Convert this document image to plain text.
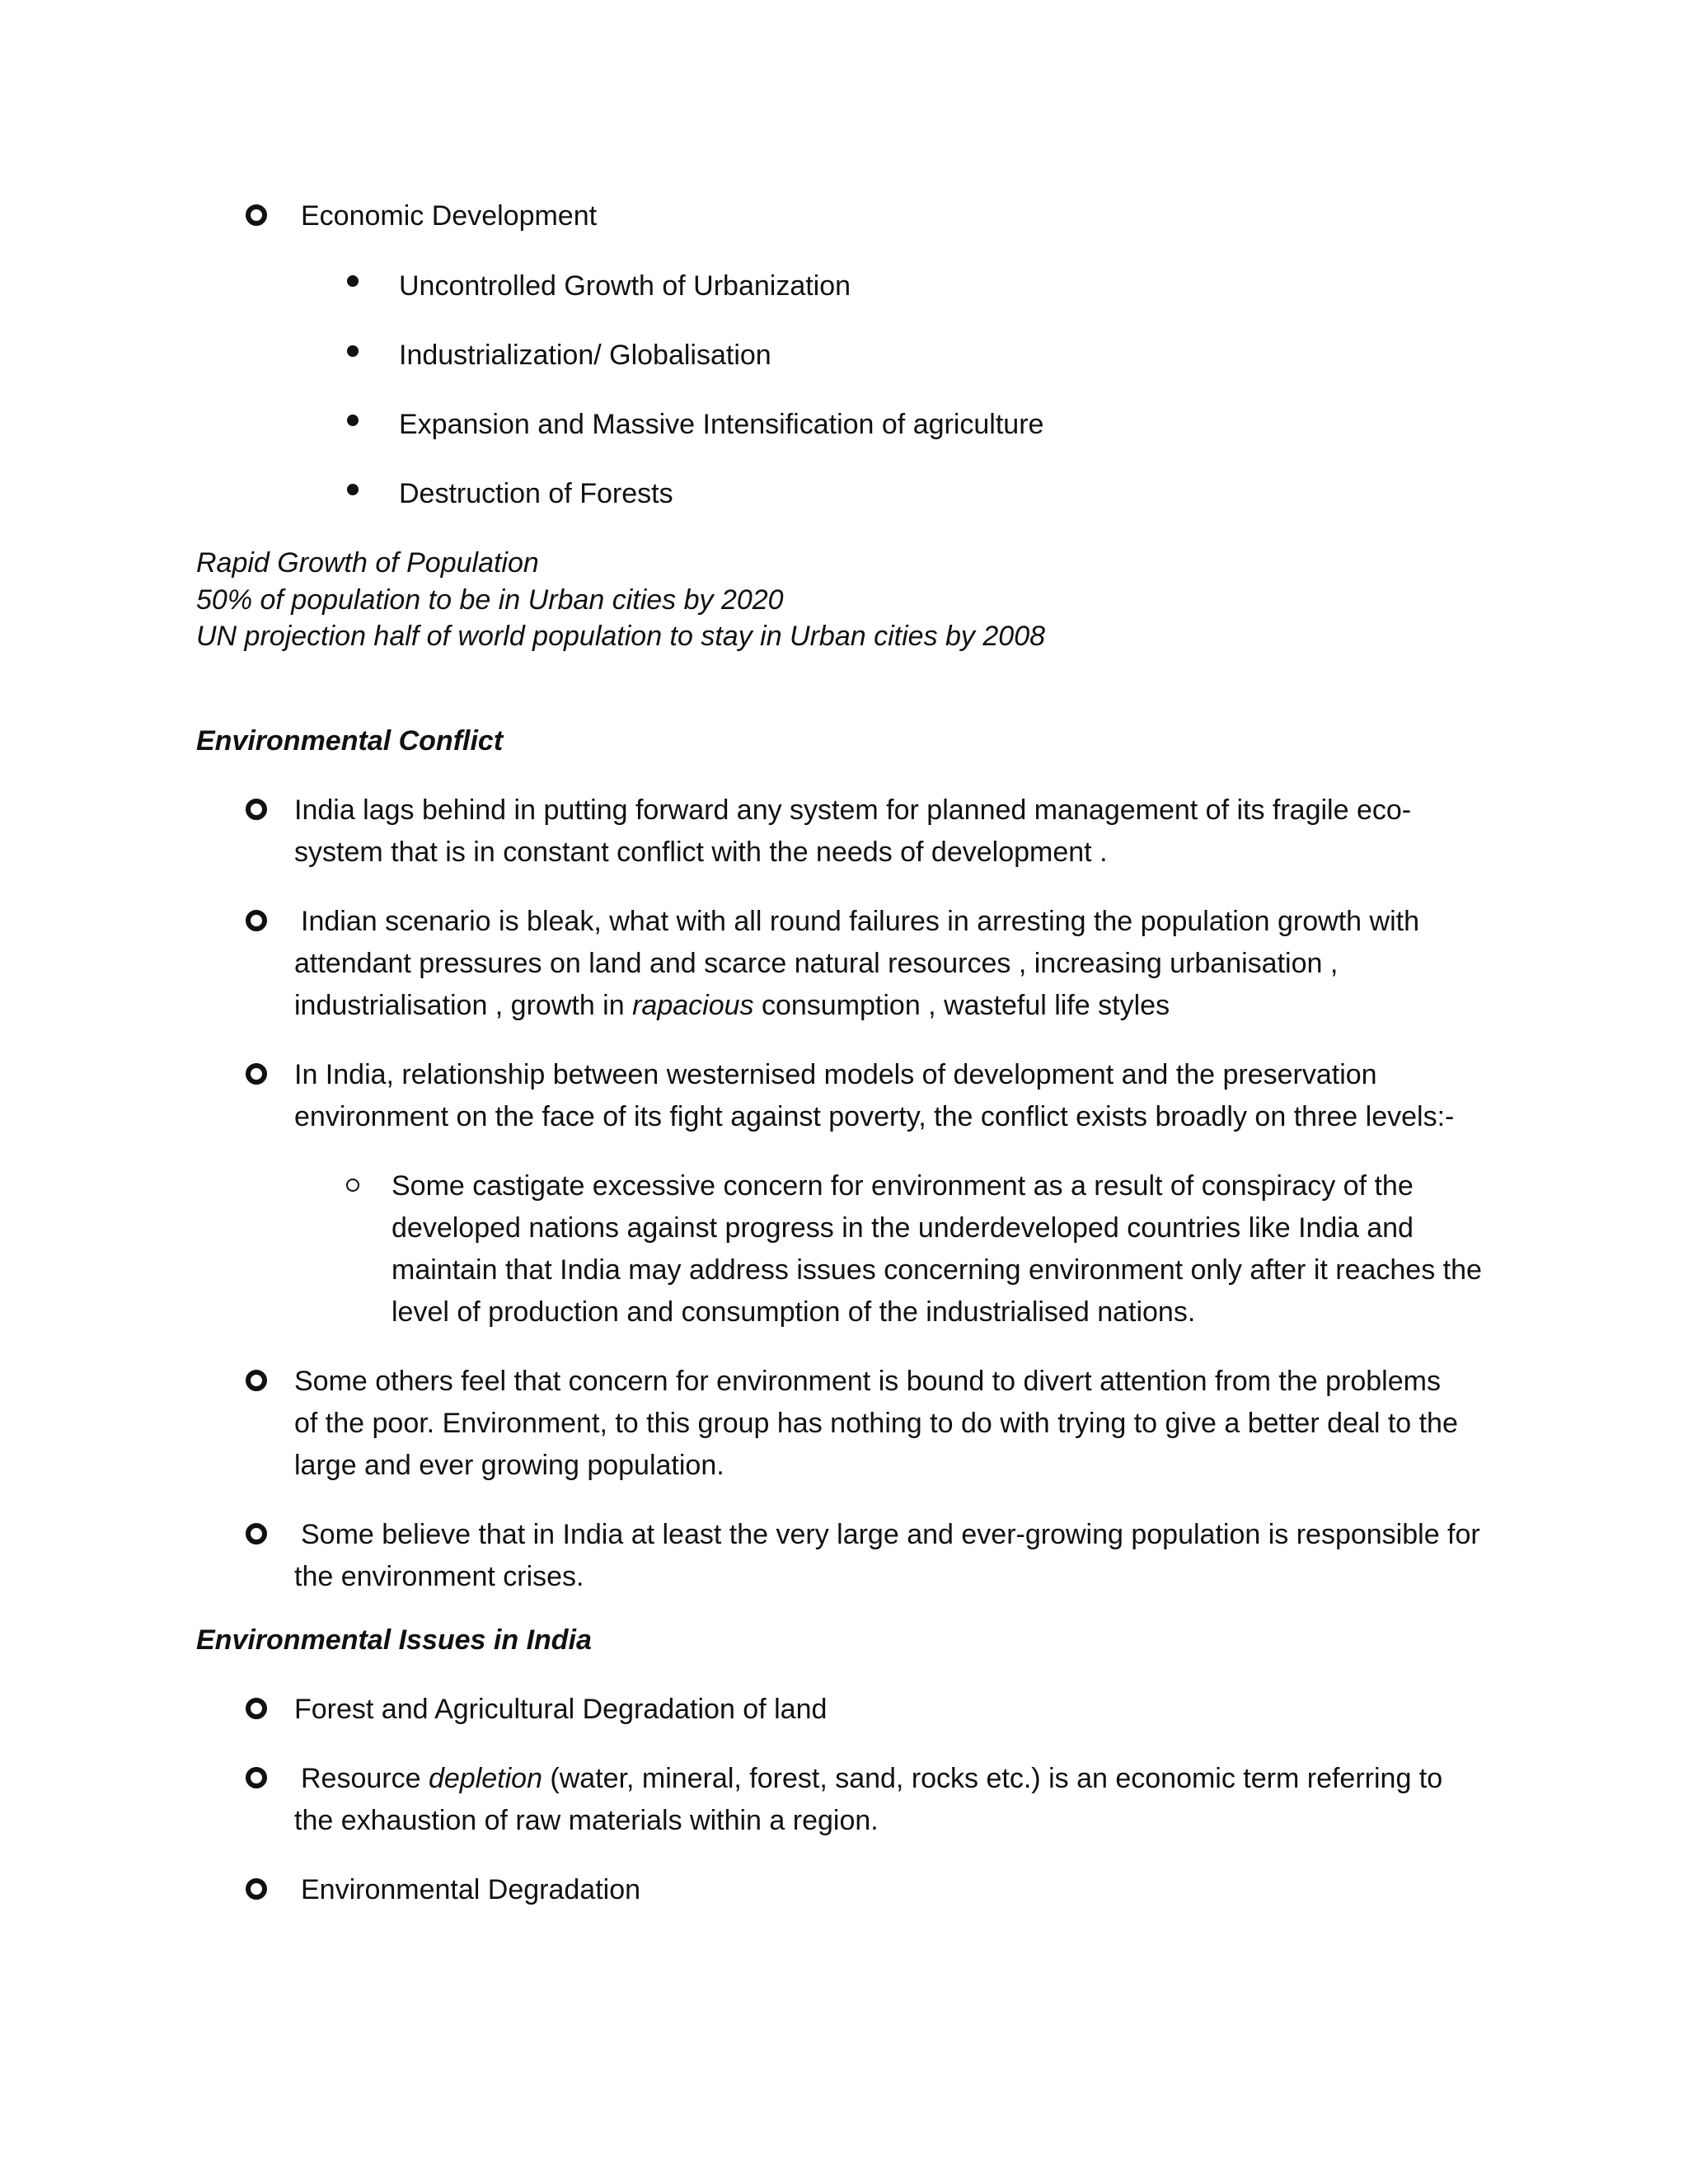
Economic Development
Uncontrolled Growth of Urbanization
Industrialization/ Globalisation
Expansion and Massive Intensification of agriculture
Destruction of Forests
Rapid Growth of Population
50% of population to be in Urban cities by 2020
UN projection half of world population to stay in Urban cities by 2008
Environmental Conflict
India lags behind in putting forward any system for planned management of its fragile eco-
system that is in constant conflict with the needs of development .
Indian scenario is bleak, what with all round failures in arresting the population growth with
attendant pressures on land and scarce natural resources , increasing urbanisation ,
industrialisation , growth in rapacious consumption , wasteful life styles
In India, relationship between westernised models of development and the preservation
environment on the face of its fight against poverty, the conflict exists broadly on three levels:-
Some castigate excessive concern for environment as a result of conspiracy of the
developed nations against progress in the underdeveloped countries like India and
maintain that India may address issues concerning environment only after it reaches the
level of production and consumption of the industrialised nations.
Some others feel that concern for environment is bound to divert attention from the problems
of the poor. Environment, to this group has nothing to do with trying to give a better deal to the
large and ever growing population.
Some believe that in India at least the very large and ever-growing population is responsible for
the environment crises.
Environmental Issues in India
Forest and Agricultural Degradation of land
Resource depletion (water, mineral, forest, sand, rocks etc.) is an economic term referring to
the exhaustion of raw materials within a region.
Environmental Degradation
